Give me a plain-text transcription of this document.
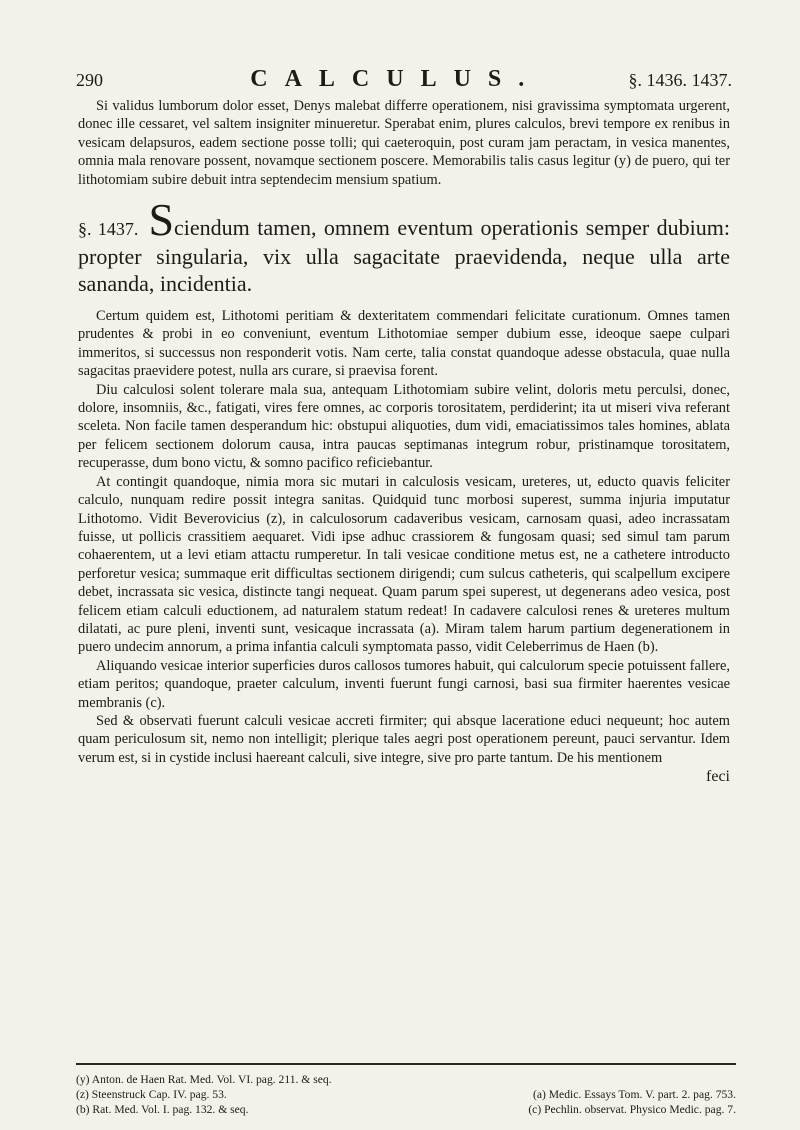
290	CALCULUS.	§. 1436. 1437.

Si validus lumborum dolor esset, Denys malebat differre operationem, nisi gravissima symptomata urgerent, donec ille cessaret, vel saltem insigniter minueretur. Sperabat enim, plures calculos, brevi tempore ex renibus in vesicam delapsuros, eadem sectione posse tolli; qui caeteroquin, post curam jam peractam, in vesica manentes, omnia mala renovare possent, novamque sectionem poscere. Memorabilis talis casus legitur (y) de puero, qui ter lithotomiam subire debuit intra septendecim mensium spatium.

§. 1437. Sciendum tamen, omnem eventum operationis semper dubium: propter singularia, vix ulla sagacitate praevidenda, neque ulla arte sananda, incidentia.

Certum quidem est, Lithotomi peritiam & dexteritatem commendari felicitate curationum. Omnes tamen prudentes & probi in eo conveniunt, eventum Lithotomiae semper dubium esse, ideoque saepe culpari immeritos, si successus non responderit votis. Nam certe, talia constat quandoque adesse obstacula, quae nulla sagacitas praevidere potest, nulla ars curare, si praevisa forent.

Diu calculosi solent tolerare mala sua, antequam Lithotomiam subire velint, doloris metu perculsi, donec, dolore, insomniis, &c., fatigati, vires fere omnes, ac corporis torositatem, perdiderint; ita ut miseri viva referant sceleta. Non facile tamen desperandum hic: obstupui aliquoties, dum vidi, emaciatissimos tales homines, ablata per felicem sectionem dolorum causa, intra paucas septimanas integrum robur, pristinamque torositatem, recuperasse, dum bono victu, & somno pacifico reficiebantur.

At contingit quandoque, nimia mora sic mutari in calculosis vesicam, ureteres, ut, educto quavis feliciter calculo, nunquam redire possit integra sanitas. Quidquid tunc morbosi superest, summa injuria imputatur Lithotomo. Vidit Beverovicius (z), in calculosorum cadaveribus vesicam, carnosam quasi, adeo incrassatam fuisse, ut pollicis crassitiem aequaret. Vidi ipse adhuc crassiorem & fungosam quasi; sed simul tam parum cohaerentem, ut a levi etiam attactu rumperetur. In tali vesicae conditione metus est, ne a cathetere introducto perforetur vesica; summaque erit difficultas sectionem dirigendi; cum sulcus catheteris, qui scalpellum excipere debet, incrassata sic vesica, distincte tangi nequeat. Quam parum spei superest, ut degenerans adeo vesica, post felicem etiam calculi eductionem, ad naturalem statum redeat! In cadavere calculosi renes & ureteres multum dilatati, ac pure pleni, inventi sunt, vesicaque incrassata (a). Miram talem harum partium degenerationem in puero undecim annorum, a prima infantia calculi symptomata passo, vidit Celeberrimus de Haen (b).

Aliquando vesicae interior superficies duros callosos tumores habuit, qui calculorum specie potuissent fallere, etiam peritos; quandoque, praeter calculum, inventi fuerunt fungi carnosi, basi sua firmiter haerentes vesicae membranis (c).

Sed & observati fuerunt calculi vesicae accreti firmiter; qui absque laceratione educi nequeunt; hoc autem quam periculosum sit, nemo non intelligit; plerique tales aegri post operationem pereunt, pauci servantur. Idem verum est, si in cystide inclusi haereant calculi, sive integre, sive pro parte tantum. De his mentionem

feci
(y) Anton. de Haen Rat. Med. Vol. VI. pag. 211. & seq.
(z) Steenstruck Cap. IV. pag. 53.	(a) Medic. Essays Tom. V. part. 2. pag. 753.
(b) Rat. Med. Vol. I. pag. 132. & seq.	(c) Pechlin. observat. Physico Medic. pag. 7.
